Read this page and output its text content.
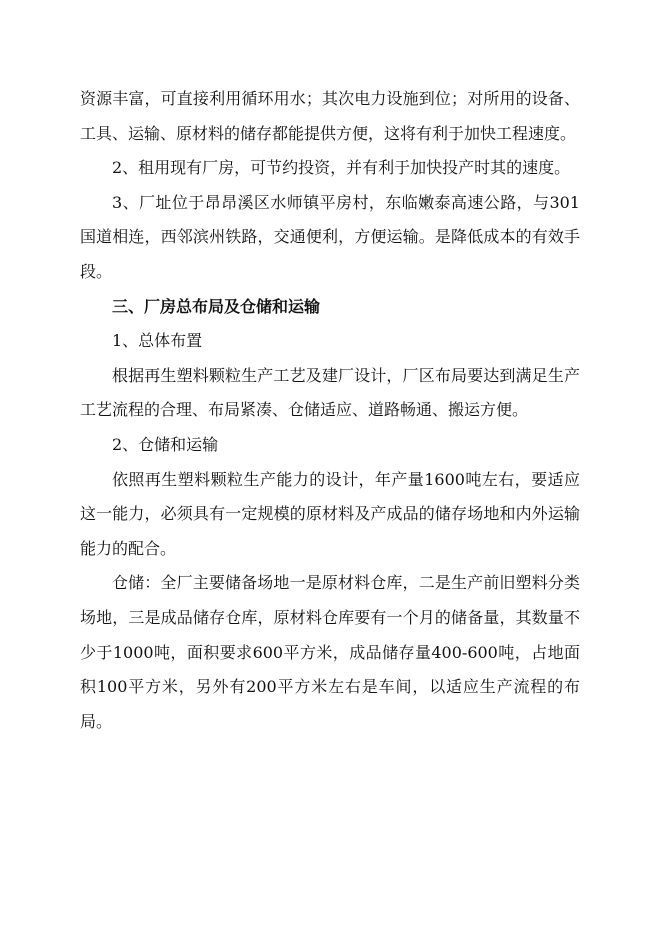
资源丰富，可直接利用循环用水；其次电力设施到位；对所用的设备、工具、运输、原材料的储存都能提供方便，这将有利于加快工程速度。

2、租用现有厂房，可节约投资，并有利于加快投产时其的速度。

3、厂址位于昂昂溪区水师镇平房村，东临嫩泰高速公路，与301国道相连，西邻滨州铁路，交通便利，方便运输。是降低成本的有效手段。

三、厂房总布局及仓储和运输

1、总体布置

根据再生塑料颗粒生产工艺及建厂设计，厂区布局要达到满足生产工艺流程的合理、布局紧凑、仓储适应、道路畅通、搬运方便。

2、仓储和运输

依照再生塑料颗粒生产能力的设计，年产量1600吨左右，要适应这一能力，必须具有一定规模的原材料及产成品的储存场地和内外运输能力的配合。

仓储：全厂主要储备场地一是原材料仓库，二是生产前旧塑料分类场地，三是成品储存仓库，原材料仓库要有一个月的储备量，其数量不少于1000吨，面积要求600平方米，成品储存量400-600吨，占地面积100平方米，另外有200平方米左右是车间，以适应生产流程的布局。
